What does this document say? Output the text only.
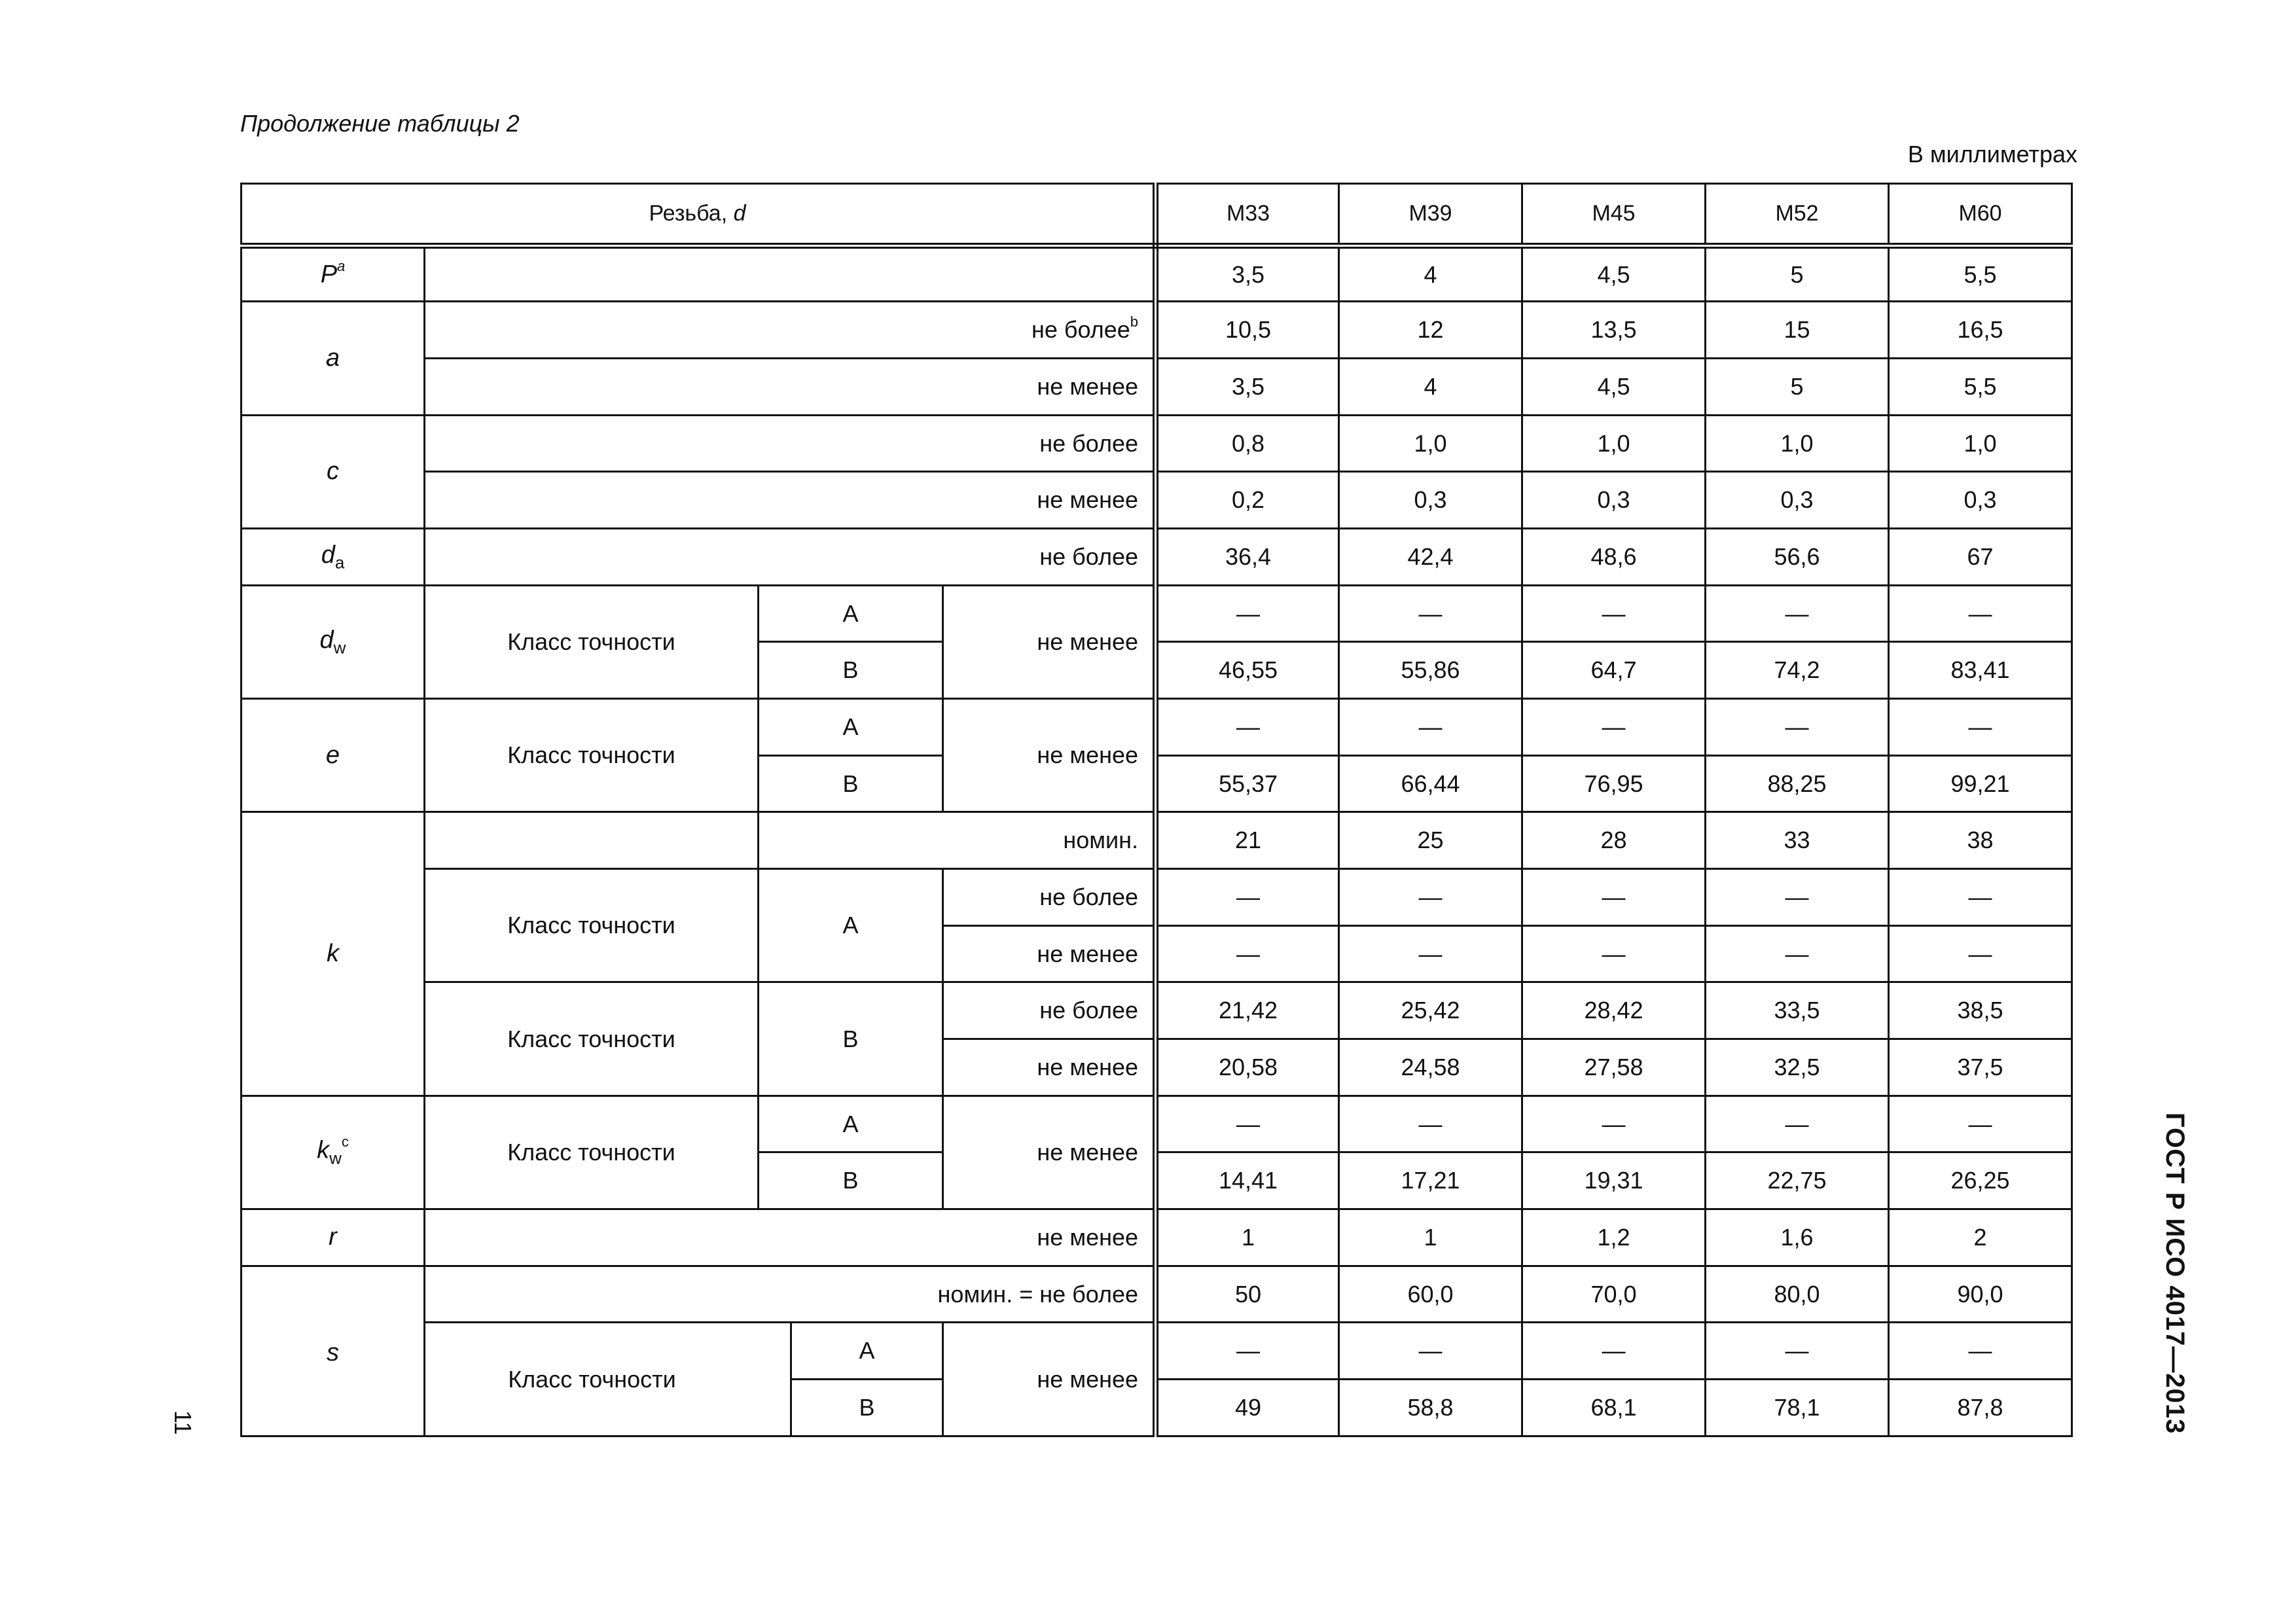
Продолжение таблицы 2
В миллиметрах
Резьба, d					M33	M39	M45	M52	M60
$P^a$					3,5	4	4,5	5	5,5
a	не более$^b$				10,5	12	13,5	15	16,5
	не менее				3,5	4	4,5	5	5,5
c	не более				0,8	1,0	1,0	1,0	1,0
	не менее				0,2	0,3	0,3	0,3	0,3
$d_a$	не более				36,4	42,4	48,6	56,6	67
$d_w$	Класс точности	A		не менее	—	—	—	—	—
		B			46,55	55,86	64,7	74,2	83,41
e	Класс точности	A		не менее	—	—	—	—	—
		B			55,37	66,44	76,95	88,25	99,21
k		номин.			21	25	28	33	38
	Класс точности	A		не более	—	—	—	—	—
				не менее	—	—	—	—	—
	Класс точности	B		не более	21,42	25,42	28,42	33,5	38,5
				не менее	20,58	24,58	27,58	32,5	37,5
$k_w^c$	Класс точности	A		не менее	—	—	—	—	—
		B			14,41	17,21	19,31	22,75	26,25
r	не менее				1	1	1,2	1,6	2
s	номин. = не более				50	60,0	70,0	80,0	90,0
	Класс точности		A	не менее	—	—	—	—	—
			B		49	58,8	68,1	78,1	87,8	ГОСТ Р ИСО 4017—2013
11
